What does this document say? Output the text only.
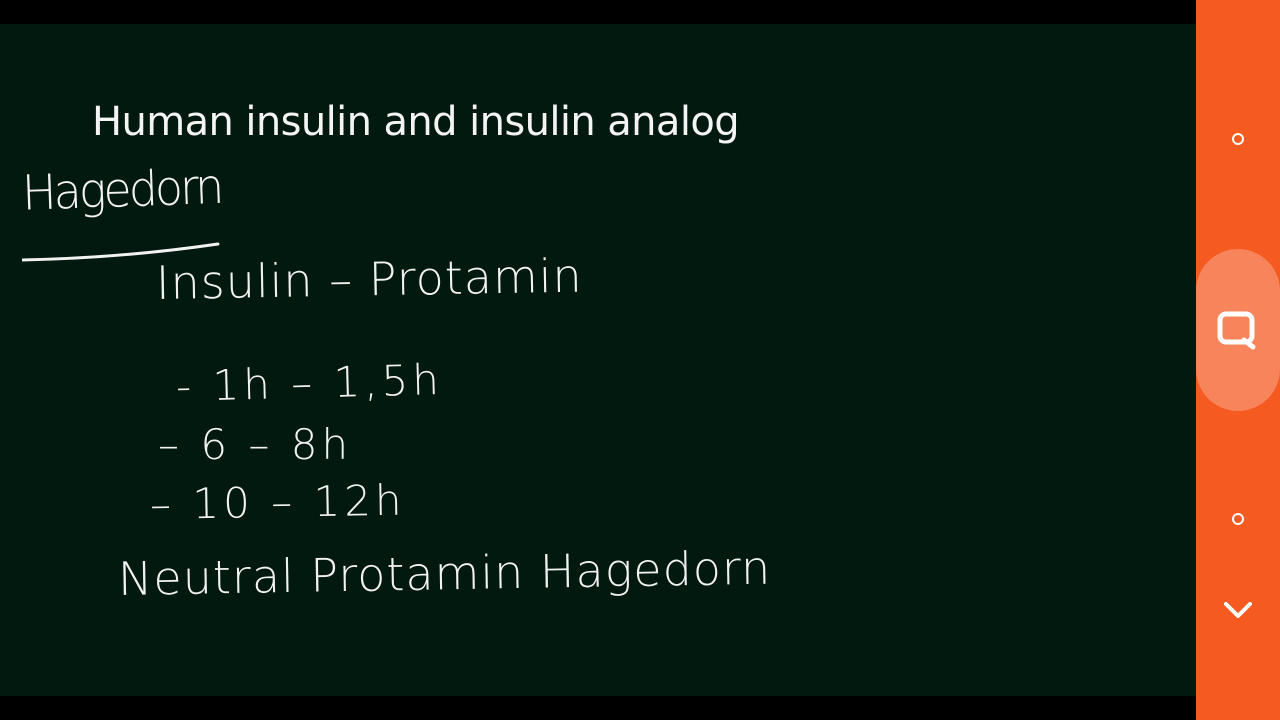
Human insulin and insulin analog
Hagedorn
Insulin – Protamin
- 1h – 1,5h
– 6 – 8h
– 10 – 12h
Neutral Protamin Hagedorn
